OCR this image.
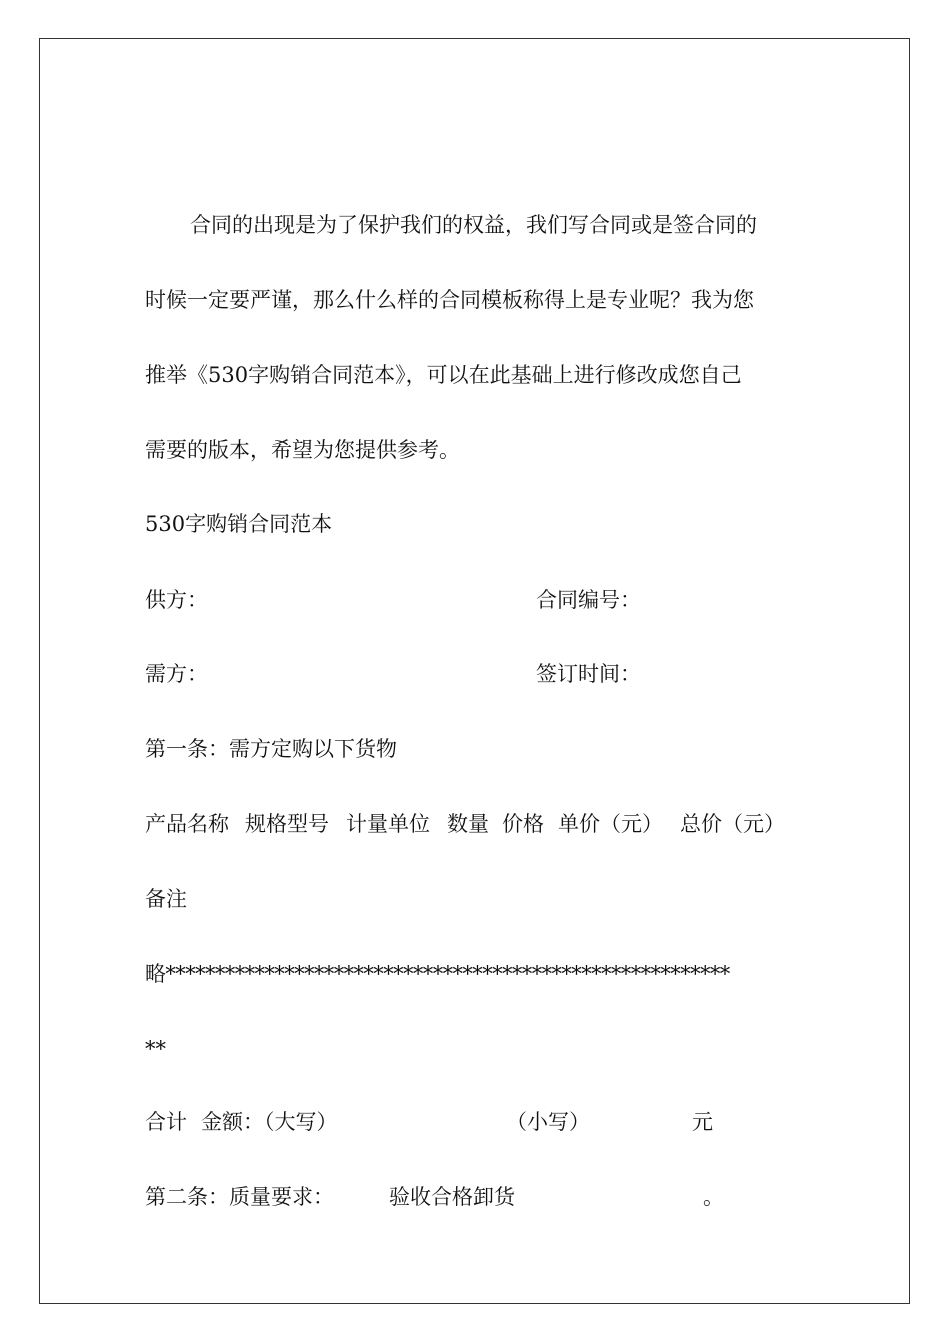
合同的出现是为了保护我们的权益，我们写合同或是签合同的
时候一定要严谨，那么什么样的合同模板称得上是专业呢？我为您
推举《530字购销合同范本》，可以在此基础上进行修改成您自己
需要的版本，希望为您提供参考。
530字购销合同范本
供方：	合同编号：
需方：	签订时间：
第一条：需方定购以下货物
产品名称 规格型号 计量单位 数量 价格 单价（元） 总价（元）
备注
略*********************************************************
**
合计 金额：（大写）	（小写）	元
第二条：质量要求：	验收合格卸货	。
